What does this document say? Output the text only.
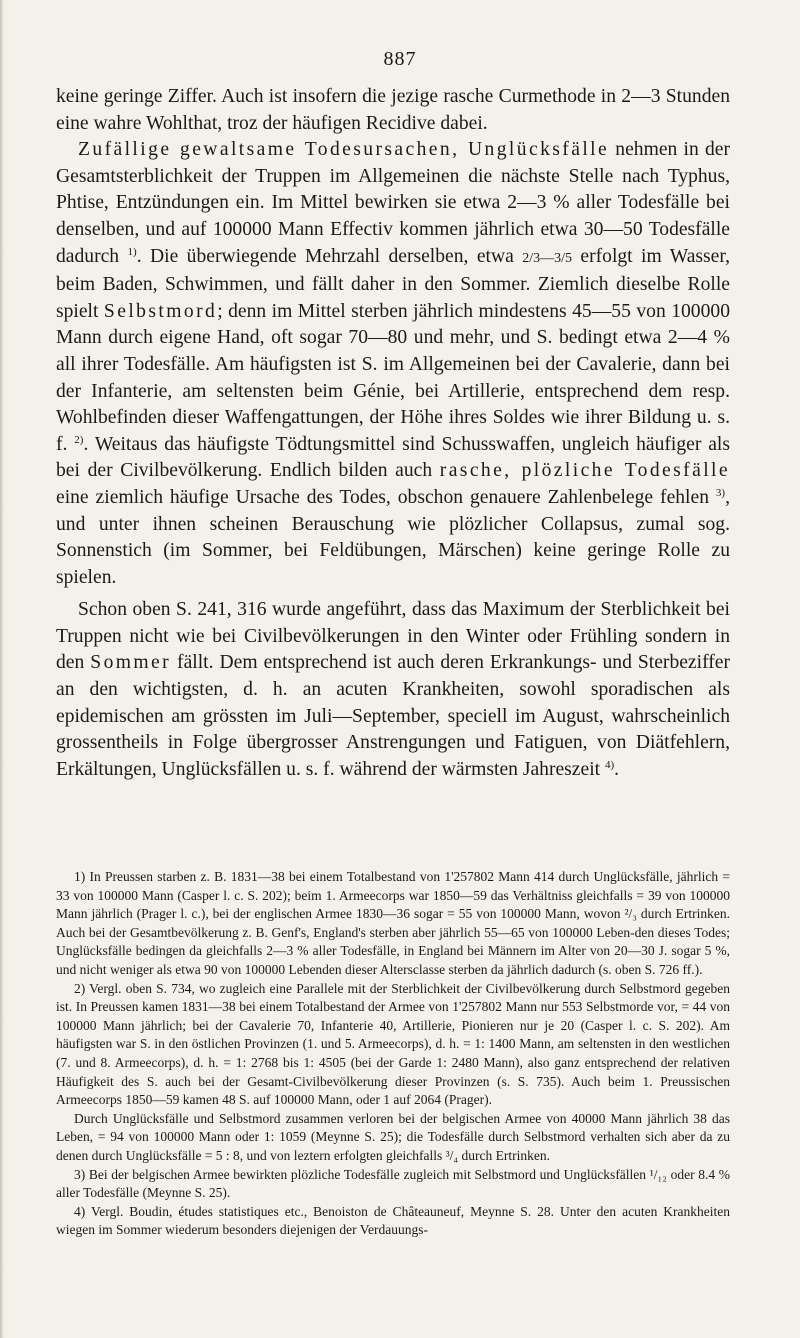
887

keine geringe Ziffer. Auch ist insofern die jezige rasche Curmethode in 2—3 Stunden eine wahre Wohlthat, troz der häufigen Recidive dabei.

Zufällige gewaltsame Todesursachen, Unglücksfälle nehmen in der Gesamtsterblichkeit der Truppen im Allgemeinen die nächste Stelle nach Typhus, Phtise, Entzündungen ein. Im Mittel bewirken sie etwa 2—3 % aller Todesfälle bei denselben, und auf 100000 Mann Effectiv kommen jährlich etwa 30—50 Todesfälle dadurch $^{1)}$. Die überwiegende Mehrzahl derselben, etwa 2/3—3/5 erfolgt im Wasser, beim Baden, Schwimmen, und fällt daher in den Sommer. Ziemlich dieselbe Rolle spielt Selbstmord; denn im Mittel sterben jährlich mindestens 45—55 von 100000 Mann durch eigene Hand, oft sogar 70—80 und mehr, und S. bedingt etwa 2—4 % all ihrer Todesfälle. Am häufigsten ist S. im Allgemeinen bei der Cavalerie, dann bei der Infanterie, am seltensten beim Génie, bei Artillerie, entsprechend dem resp. Wohlbefinden dieser Waffengattungen, der Höhe ihres Soldes wie ihrer Bildung u. s. f. $^{2)}$. Weitaus das häufigste Tödtungsmittel sind Schusswaffen, ungleich häufiger als bei der Civilbevölkerung. Endlich bilden auch rasche, plözliche Todesfälle eine ziemlich häufige Ursache des Todes, obschon genauere Zahlenbelege fehlen $^{3)}$, und unter ihnen scheinen Berauschung wie plözlicher Collapsus, zumal sog. Sonnenstich (im Sommer, bei Feldübungen, Märschen) keine geringe Rolle zu spielen.

Schon oben S. 241, 316 wurde angeführt, dass das Maximum der Sterblichkeit bei Truppen nicht wie bei Civilbevölkerungen in den Winter oder Frühling sondern in den Sommer fällt. Dem entsprechend ist auch deren Erkrankungs- und Sterbeziffer an den wichtigsten, d. h. an acuten Krankheiten, sowohl sporadischen als epidemischen am grössten im Juli—September, speciell im August, wahrscheinlich grossentheils in Folge übergrosser Anstrengungen und Fatiguen, von Diätfehlern, Erkältungen, Unglücksfällen u. s. f. während der wärmsten Jahreszeit $^{4)}$.

1) In Preussen starben z. B. 1831—38 bei einem Totalbestand von 1'257802 Mann 414 durch Unglücksfälle, jährlich = 33 von 100000 Mann (Casper l. c. S. 202); beim 1. Armeecorps war 1850—59 das Verhältniss gleichfalls = 39 von 100000 Mann jährlich (Prager l. c.), bei der englischen Armee 1830—36 sogar = 55 von 100000 Mann, wovon ²/₃ durch Ertrinken. Auch bei der Gesamtbevölkerung z. B. Genf's, England's sterben aber jährlich 55—65 von 100000 Leben-den dieses Todes; Unglücksfälle bedingen da gleichfalls 2—3 % aller Todesfälle, in England bei Männern im Alter von 20—30 J. sogar 5 %, und nicht weniger als etwa 90 von 100000 Lebenden dieser Altersclasse sterben da jährlich dadurch (s. oben S. 726 ff.).

2) Vergl. oben S. 734, wo zugleich eine Parallele mit der Sterblichkeit der Civilbevölkerung durch Selbstmord gegeben ist. In Preussen kamen 1831—38 bei einem Totalbestand der Armee von 1'257802 Mann nur 553 Selbstmorde vor, = 44 von 100000 Mann jährlich; bei der Cavalerie 70, Infanterie 40, Artillerie, Pionieren nur je 20 (Casper l. c. S. 202). Am häufigsten war S. in den östlichen Provinzen (1. und 5. Armeecorps), d. h. = 1: 1400 Mann, am seltensten in den westlichen (7. und 8. Armeecorps), d. h. = 1: 2768 bis 1: 4505 (bei der Garde 1: 2480 Mann), also ganz entsprechend der relativen Häufigkeit des S. auch bei der Gesamt-Civilbevölkerung dieser Provinzen (s. S. 735). Auch beim 1. Preussischen Armeecorps 1850—59 kamen 48 S. auf 100000 Mann, oder 1 auf 2064 (Prager).

Durch Unglücksfälle und Selbstmord zusammen verloren bei der belgischen Armee von 40000 Mann jährlich 38 das Leben, = 94 von 100000 Mann oder 1: 1059 (Meynne S. 25); die Todesfälle durch Selbstmord verhalten sich aber da zu denen durch Unglücksfälle = 5 : 8, und von leztern erfolgten gleichfalls ³/₄ durch Ertrinken.

3) Bei der belgischen Armee bewirkten plözliche Todesfälle zugleich mit Selbstmord und Unglücksfällen ¹/₁₂ oder 8.4 % aller Todesfälle (Meynne S. 25).

4) Vergl. Boudin, études statistiques etc., Benoiston de Châteauneuf, Meynne S. 28. Unter den acuten Krankheiten wiegen im Sommer wiederum besonders diejenigen der Verdauungs-
